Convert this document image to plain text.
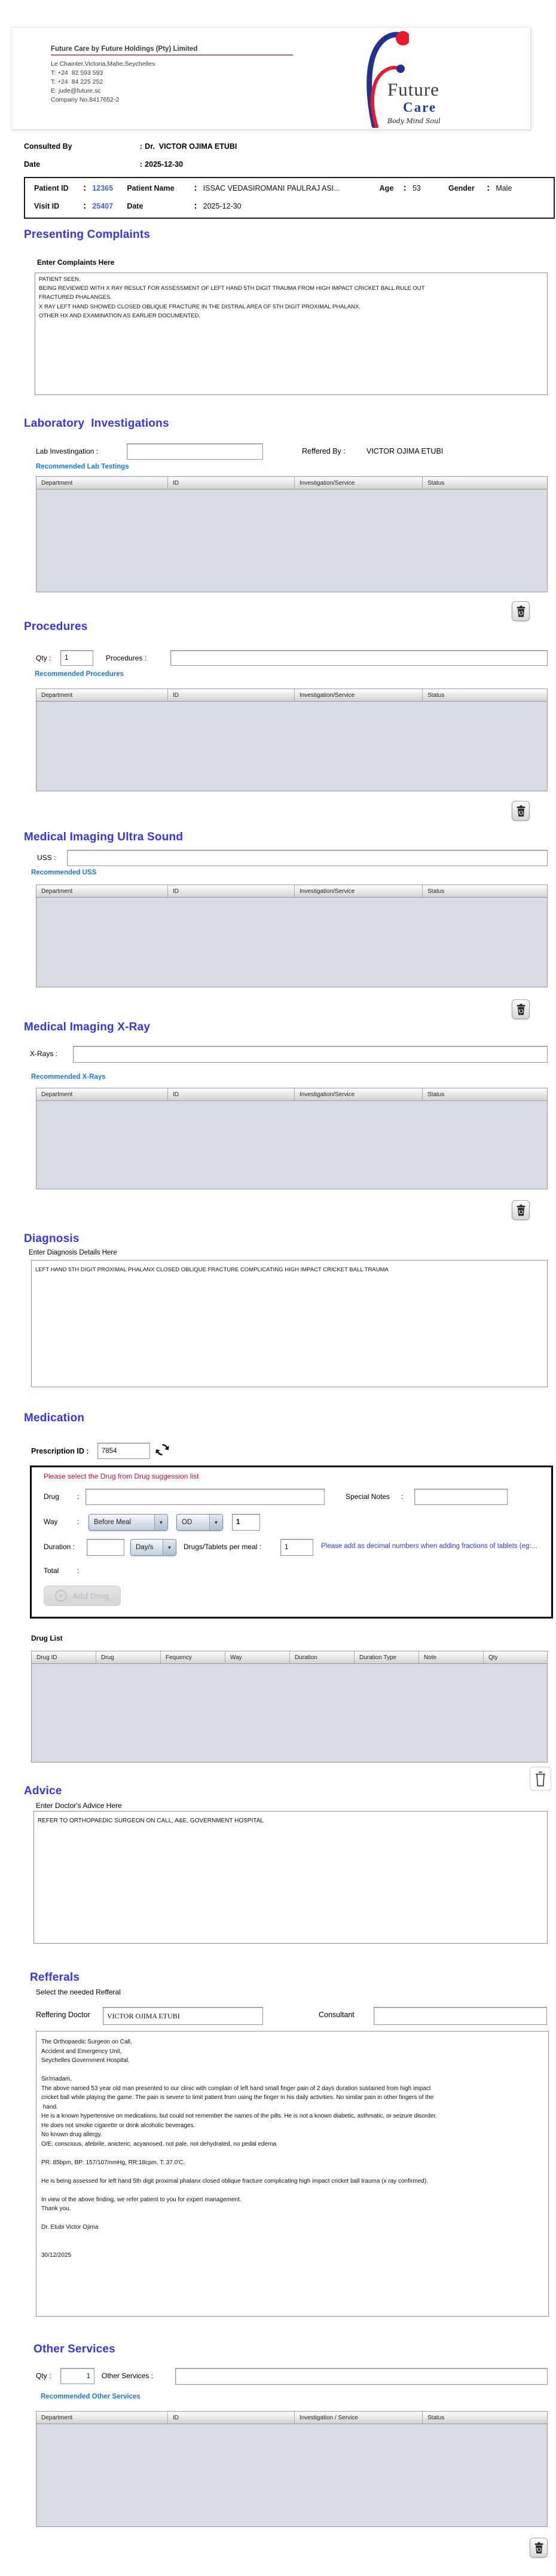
Future Care by Future Holdings (Pty) Limited
Le Chainter,Victoria,Mahe,Seychelles
T: +24  82 593 593
T: +24  84 225 252
E: jude@future.sc
Company No.8417652-2	Future
Care
Body Mind Soul
Consulted By	: Dr.  VICTOR OJIMA ETUBI
Date	: 2025-12-30
Patient ID	: 12365	Patient Name	: ISSAC VEDASIROMANI PAULRAJ ASI...	Age	: 53	Gender	: Male
Visit ID	: 25407	Date	: 2025-12-30
Presenting Complaints
Enter Complaints Here
PATIENT SEEN. BEING REVIEWED WITH X RAY RESULT FOR ASSESSMENT OF LEFT HAND 5TH DIGIT TRAUMA FROM HIGH IMPACT CRICKET BALL RULE OUT FRACTURED PHALANGES. X RAY LEFT HAND SHOWED CLOSED OBLIQUE FRACTURE IN THE DISTRAL AREA OF 5TH DIGIT PROXIMAL PHALANX. OTHER HX AND EXAMINATION AS EARLIER DOCUMENTED.
Laboratory  Investigations
Lab Investingation :	Reffered By :	VICTOR OJIMA ETUBI
Recommended Lab Testings
Department	ID	Investigation/Service	Status
Procedures
Qty :
1	Procedures :
Recommended Procedures
Department	ID	Investigation/Service	Status
Medical Imaging Ultra Sound
USS :
Recommended USS
Department	ID	Investigation/Service	Status
Medical Imaging X-Ray
X-Rays :
Recommended X-Rays
Department	ID	Investigation/Service	Status
Diagnosis
Enter Diagnosis Details Here
LEFT HAND 5TH DIGIT PROXIMAL PHALANX CLOSED OBLIQUE FRACTURE COMPLICATING HIGH IMPACT CRICKET BALL TRAUMA
Medication
Prescription ID :
7854
Please select the Drug from Drug suggession list
Drug :	Special Notes :
Way	: Before Meal	▼	OD	▼
1
Duration :	Day/s	▼	Drugs/Tablets per meal :
1	Please add as decimal numbers when adding fractions of tablets (eg:...
Total	:
+	Add Drug
Drug List
Drug ID	Drug	Fequency	Way	Duration	Duration Type	Note	Qty
Advice
Enter Doctor's Advice Here
REFER TO ORTHOPAEDIC SURGEON ON CALL, A&E, GOVERNMENT HOSPITAL
Refferals
Select the needed Refferal
Reffering Doctor
VICTOR OJIMA ETUBI	Consultant
The Orthopaedic Surgeon on Call, Accident and Emergency Unit, Seychelles Government Hospital. Sir/madam, The above named 53 year old man presented to our clinic with complain of left hand small finger pain of 2 days duration sustained from high impact cricket ball while playing the game. The pain is severe to limit patient from using the finger in his daily activities. No similar pain in other fingers of the hand. He is a known hypertensive on medications, but could not remember the names of the pills. He is not a known diabetic, asthmatic, or seizure disorder. He does not smoke cigarette or drink alcoholic beverages. No known drug allergy. O/E; conscious, afebrile, anicteric, acyanosed, not pale, not dehydrated, no pedal edema PR: 85bpm, BP: 157/107mmHg, RR:18cpm, T: 37.0'C, He is being assessed for left hand 5th digit proximal phalanx closed oblique fracture complicating high impact cricket ball trauma (x ray confirmed). In view of the above finding, we refer patient to you for expert management. Thank you. Dr. Etubi Victor Ojima 30/12/2025
Other Services
Qty :
1	Other Services :
Recommended Other Services
Department	ID	Investigation / Service	Status
